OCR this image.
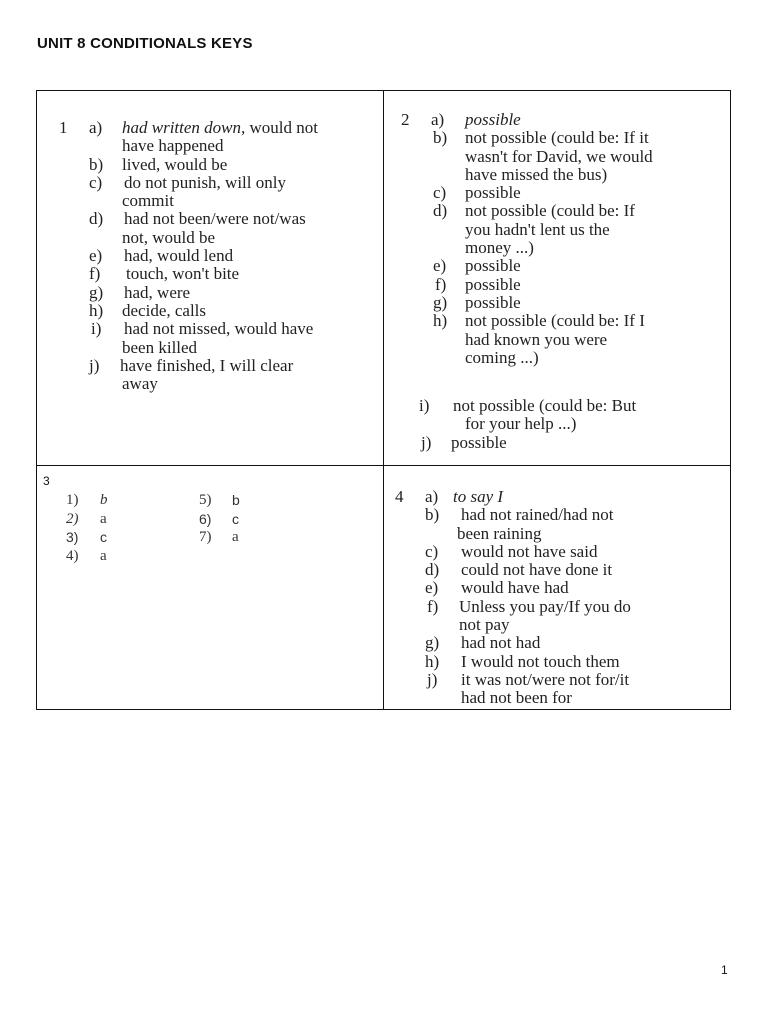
UNIT 8 CONDITIONALS KEYS
1 a) had written down, would not
have happened
b) lived, would be
c) do not punish, will only
commit
d) had not been/were not/was
not, would be
e) had, would lend
f) touch, won't bite
g) had, were
h) decide, calls
i) had not missed, would have
been killed
j) have finished, I will clear
away
2 a) possible
b) not possible (could be: If it
wasn't for David, we would
have missed the bus)
c) possible
d) not possible (could be: If
you hadn't lent us the
money ...)
e) possible
f) possible
g) possible
h) not possible (could be: If I
had known you were
coming ...)
i) not possible (could be: But
for your help ...)
j) possible
3
1) b
2) a
3) c
4) a
5) b
6) c
7) a
4 a) to say I
b) had not rained/had not
been raining
c) would not have said
d) could not have done it
e) would have had
f) Unless you pay/If you do
not pay
g) had not had
h) I would not touch them
j) it was not/were not for/it
had not been for
1
